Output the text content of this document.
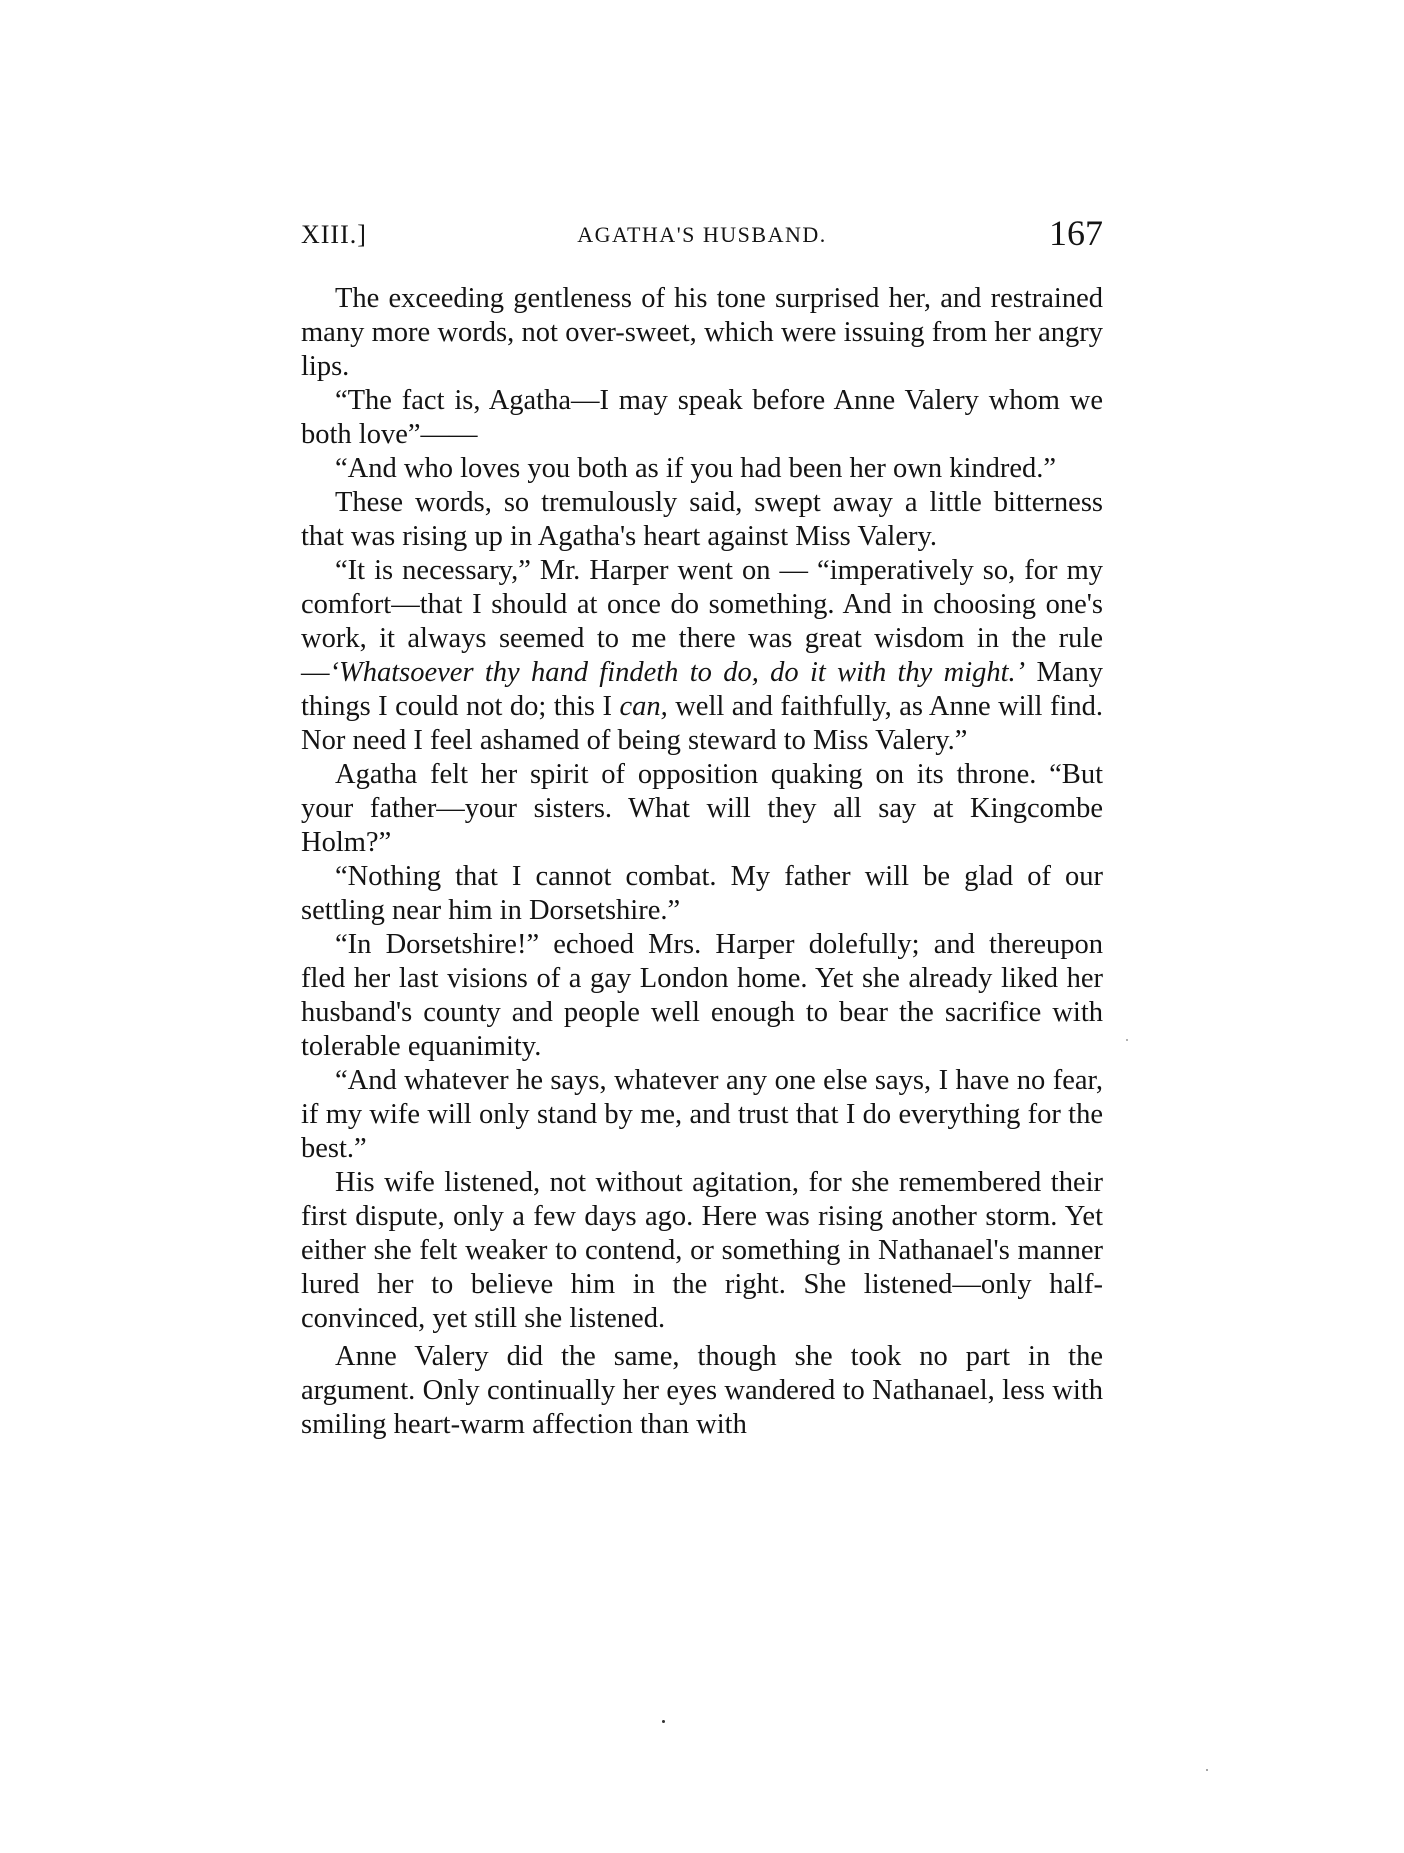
XIII.]	AGATHA'S HUSBAND.	167

The exceeding gentleness of his tone surprised her, and restrained many more words, not over-sweet, which were issuing from her angry lips.

“The fact is, Agatha—I may speak before Anne Valery whom we both love”——

“And who loves you both as if you had been her own kindred.”

These words, so tremulously said, swept away a little bitterness that was rising up in Agatha's heart against Miss Valery.

“It is necessary,” Mr. Harper went on — “imperatively so, for my comfort—that I should at once do something. And in choosing one's work, it always seemed to me there was great wisdom in the rule—‘Whatsoever thy hand findeth to do, do it with thy might.’ Many things I could not do; this I can, well and faithfully, as Anne will find. Nor need I feel ashamed of being steward to Miss Valery.”

Agatha felt her spirit of opposition quaking on its throne. “But your father—your sisters. What will they all say at Kingcombe Holm?”

“Nothing that I cannot combat. My father will be glad of our settling near him in Dorsetshire.”

“In Dorsetshire!” echoed Mrs. Harper dolefully; and thereupon fled her last visions of a gay London home. Yet she already liked her husband's county and people well enough to bear the sacrifice with tolerable equanimity.

“And whatever he says, whatever any one else says, I have no fear, if my wife will only stand by me, and trust that I do everything for the best.”

His wife listened, not without agitation, for she remembered their first dispute, only a few days ago. Here was rising another storm. Yet either she felt weaker to contend, or something in Nathanael's manner lured her to believe him in the right. She listened—only half-convinced, yet still she listened.

Anne Valery did the same, though she took no part in the argument. Only continually her eyes wandered to Nathanael, less with smiling heart-warm affection than with
